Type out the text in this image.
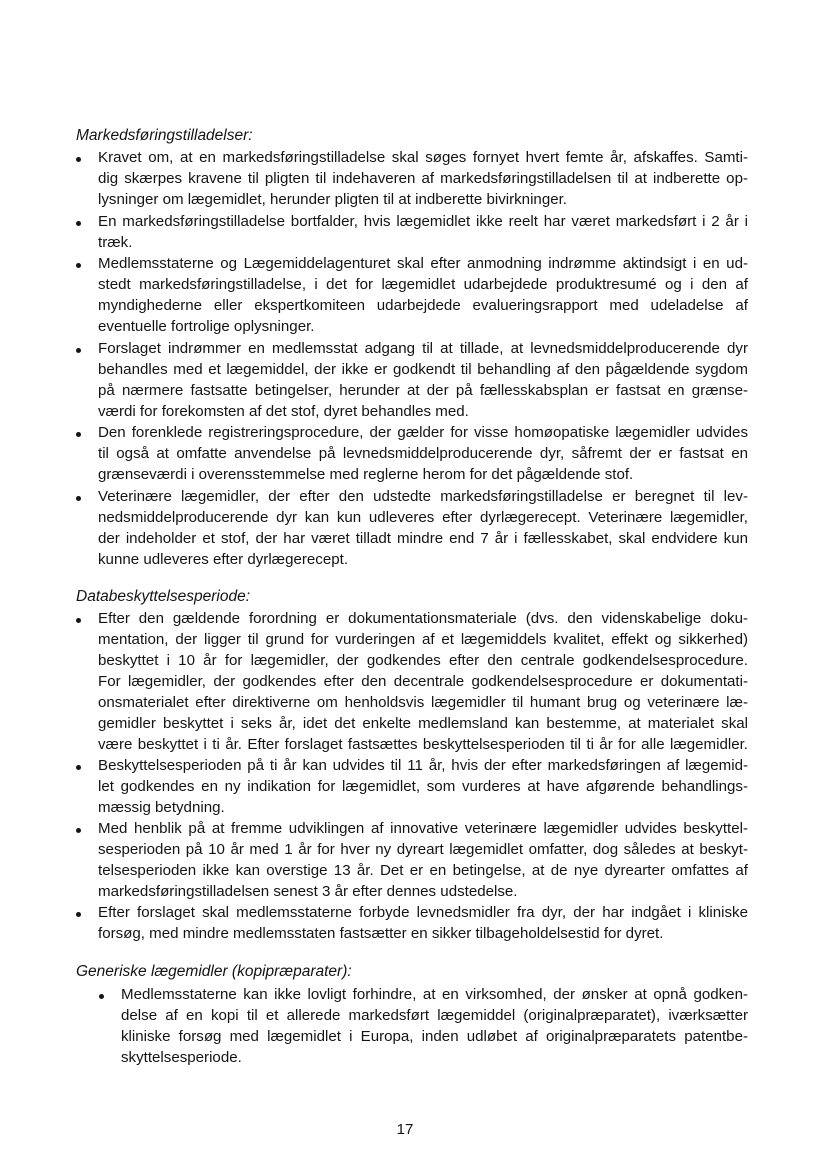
Markedsføringstilladelser:
Kravet om, at en markedsføringstilladelse skal søges fornyet hvert femte år, afskaffes. Samti-
dig skærpes kravene til pligten til indehaveren af markedsføringstilladelsen til at indberette op-
lysninger om lægemidlet, herunder pligten til at indberette bivirkninger.
En markedsføringstilladelse bortfalder, hvis lægemidlet ikke reelt har været markedsført i 2 år i
træk.
Medlemsstaterne og Lægemiddelagenturet skal efter anmodning indrømme aktindsigt i en ud-
stedt markedsføringstilladelse, i det for lægemidlet udarbejdede produktresumé og i den af
myndighederne eller ekspertkomiteen udarbejdede evalueringsrapport med udeladelse af
eventuelle fortrolige oplysninger.
Forslaget indrømmer en medlemsstat adgang til at tillade, at levnedsmiddelproducerende dyr
behandles med et lægemiddel, der ikke er godkendt til behandling af den pågældende sygdom
på nærmere fastsatte betingelser, herunder at der på fællesskabsplan er fastsat en grænse-
værdi for forekomsten af det stof, dyret behandles med.
Den forenklede registreringsprocedure, der gælder for visse homøopatiske lægemidler udvides
til også at omfatte anvendelse på levnedsmiddelproducerende dyr, såfremt der er fastsat en
grænseværdi i overensstemmelse med reglerne herom for det pågældende stof.
Veterinære lægemidler, der efter den udstedte markedsføringstilladelse er beregnet til lev-
nedsmiddelproducerende dyr kan kun udleveres efter dyrlægerecept. Veterinære lægemidler,
der indeholder et stof, der har været tilladt mindre end 7 år i fællesskabet, skal endvidere kun
kunne udleveres efter dyrlægerecept.
Databeskyttelsesperiode:
Efter den gældende forordning er dokumentationsmateriale (dvs. den videnskabelige doku-
mentation, der ligger til grund for vurderingen af et lægemiddels kvalitet, effekt og sikkerhed)
beskyttet i 10 år for lægemidler, der godkendes efter den centrale godkendelsesprocedure.
For lægemidler, der godkendes efter den decentrale godkendelsesprocedure er dokumentati-
onsmaterialet efter direktiverne om henholdsvis lægemidler til humant brug og veterinære læ-
gemidler beskyttet i seks år, idet det enkelte medlemsland kan bestemme, at materialet skal
være beskyttet i ti år. Efter forslaget fastsættes beskyttelsesperioden til ti år for alle lægemidler.
Beskyttelsesperioden på ti år kan udvides til 11 år, hvis der efter markedsføringen af lægemid-
let godkendes en ny indikation for lægemidlet, som vurderes at have afgørende behandlings-
mæssig betydning.
Med henblik på at fremme udviklingen af innovative veterinære lægemidler udvides beskyttel-
sesperioden på 10 år med 1 år for hver ny dyreart lægemidlet omfatter, dog således at beskyt-
telsesperioden ikke kan overstige 13 år. Det er en betingelse, at de nye dyrearter omfattes af
markedsføringstilladelsen senest 3 år efter dennes udstedelse.
Efter forslaget skal medlemsstaterne forbyde levnedsmidler fra dyr, der har indgået i kliniske
forsøg, med mindre medlemsstaten fastsætter en sikker tilbageholdelsestid for dyret.
Generiske lægemidler (kopipræparater):
Medlemsstaterne kan ikke lovligt forhindre, at en virksomhed, der ønsker at opnå godken-
delse af en kopi til et allerede markedsført lægemiddel (originalpræparatet), iværksætter
kliniske forsøg med lægemidlet i Europa, inden udløbet af originalpræparatets patentbe-
skyttelsesperiode.
17
